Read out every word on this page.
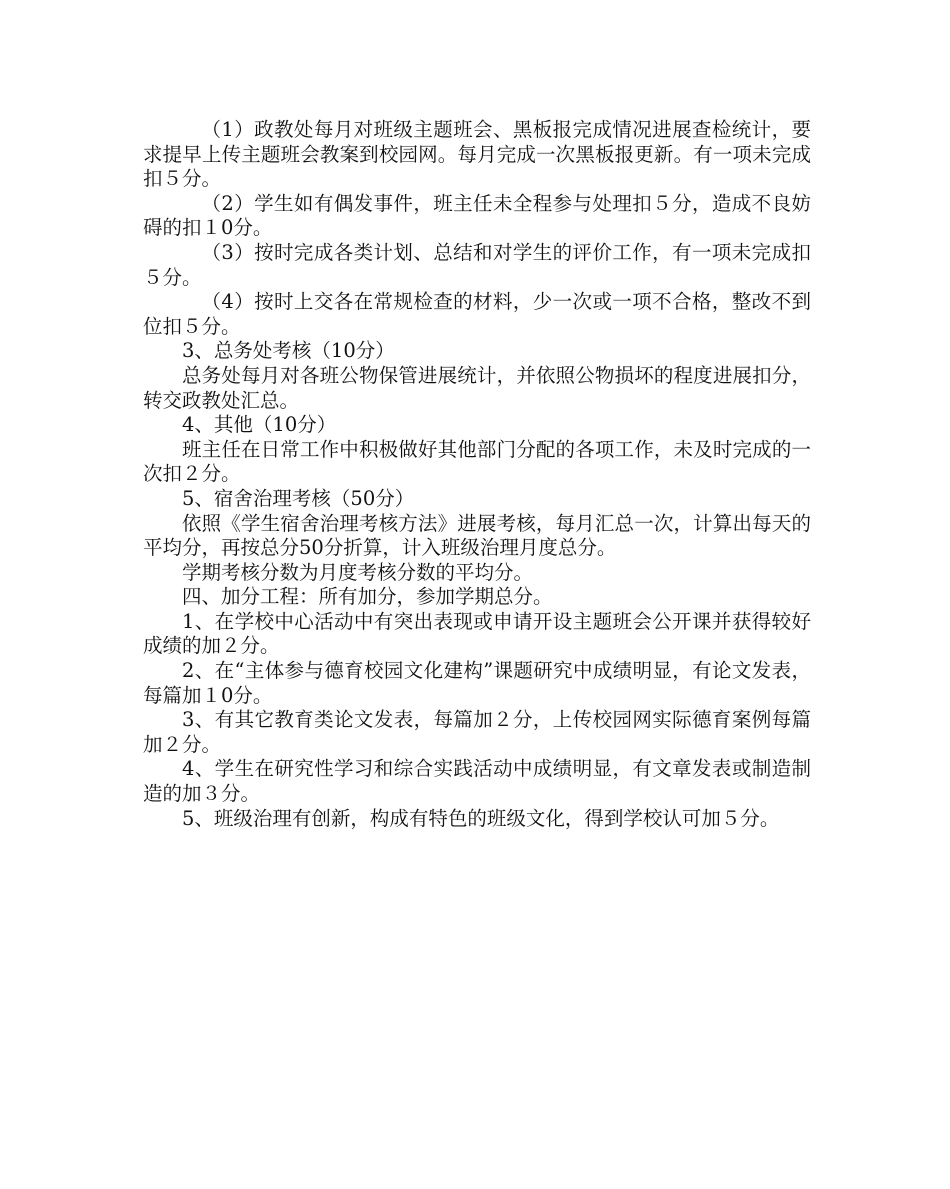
（1）政教处每月对班级主题班会、黑板报完成情况进展查检统计，要求提早上传主题班会教案到校园网。每月完成一次黑板报更新。有一项未完成扣５分。

（2）学生如有偶发事件，班主任未全程参与处理扣５分，造成不良妨碍的扣１0分。

（3）按时完成各类计划、总结和对学生的评价工作，有一项未完成扣５分。

（4）按时上交各在常规检查的材料，少一次或一项不合格，整改不到位扣５分。

3、总务处考核（10分）

总务处每月对各班公物保管进展统计，并依照公物损坏的程度进展扣分，转交政教处汇总。

4、其他（10分）

班主任在日常工作中积极做好其他部门分配的各项工作，未及时完成的一次扣２分。

5、宿舍治理考核（50分）

依照《学生宿舍治理考核方法》进展考核，每月汇总一次，计算出每天的平均分，再按总分50分折算，计入班级治理月度总分。

学期考核分数为月度考核分数的平均分。

四、加分工程：所有加分，参加学期总分。

1、在学校中心活动中有突出表现或申请开设主题班会公开课并获得较好成绩的加２分。

2、在“主体参与德育校园文化建构”课题研究中成绩明显，有论文发表，每篇加１0分。

3、有其它教育类论文发表，每篇加２分，上传校园网实际德育案例每篇加２分。

4、学生在研究性学习和综合实践活动中成绩明显，有文章发表或制造制造的加３分。

5、班级治理有创新，构成有特色的班级文化，得到学校认可加５分。
